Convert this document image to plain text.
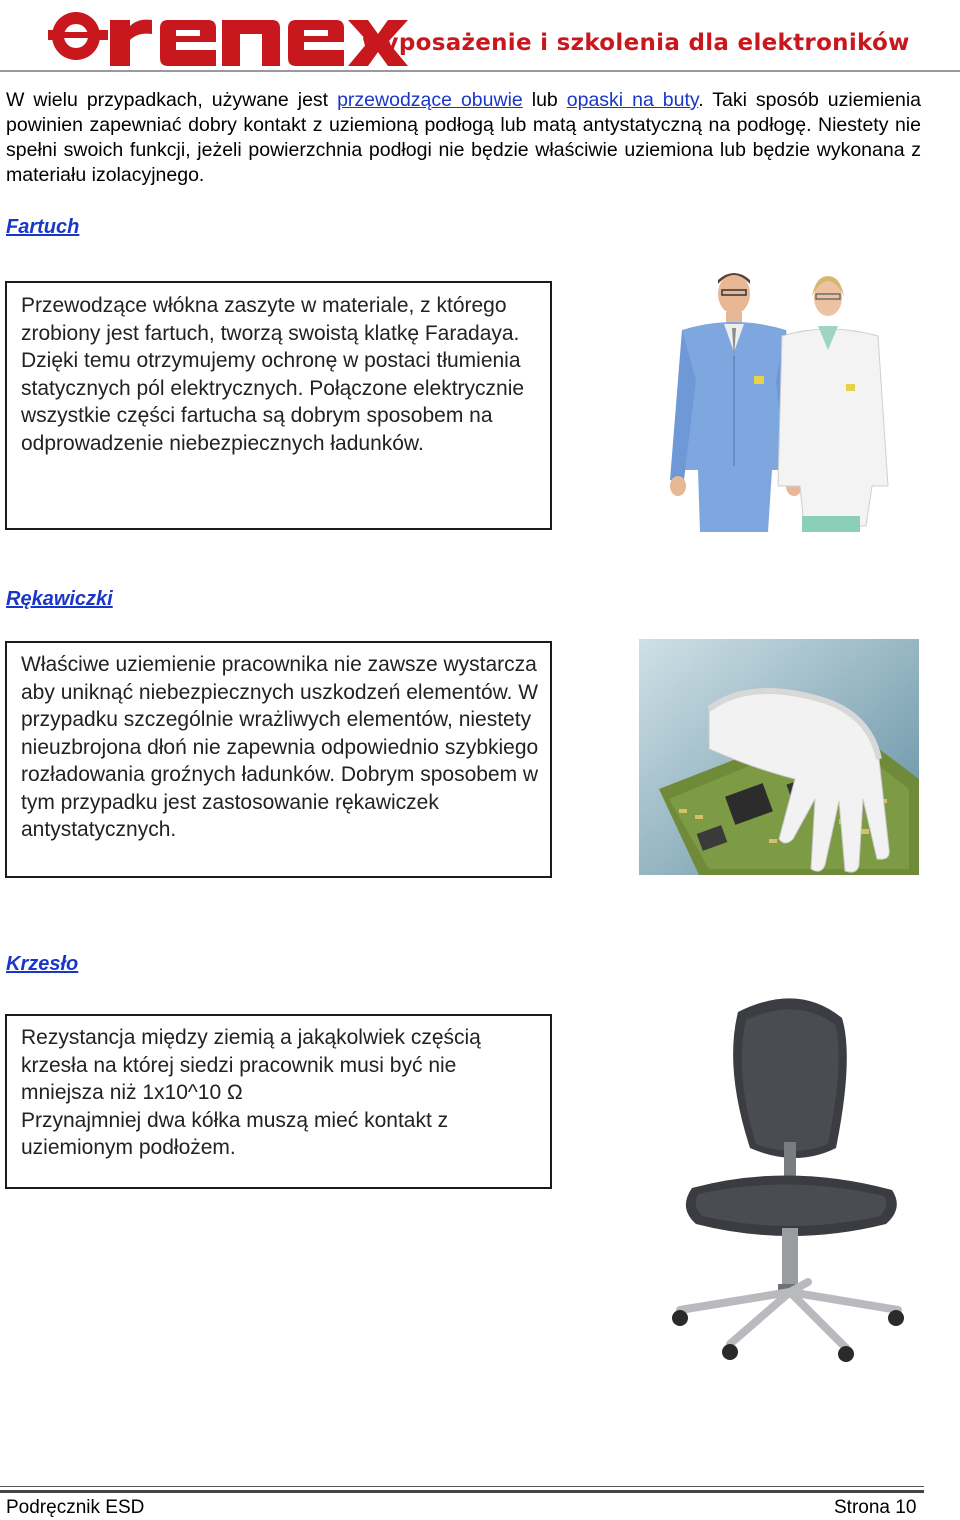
wyposażenie i szkolenia dla elektroników

W wielu przypadkach, używane jest przewodzące obuwie lub opaski na buty. Taki sposób uziemienia powinien zapewniać dobry kontakt z uziemioną podłogą lub matą antystatyczną na podłogę. Niestety nie spełni swoich funkcji, jeżeli powierzchnia podłogi nie będzie właściwie uziemiona lub będzie wykonana z materiału izolacyjnego.

Fartuch

Przewodzące włókna zaszyte w materiale, z którego zrobiony jest fartuch, tworzą swoistą klatkę Faradaya. Dzięki temu otrzymujemy ochronę w postaci tłumienia statycznych pól elektrycznych. Połączone elektrycznie wszystkie części fartucha są dobrym sposobem na odprowadzenie niebezpiecznych ładunków.

Rękawiczki

Właściwe uziemienie pracownika nie zawsze wystarcza aby uniknąć niebezpiecznych uszkodzeń elementów. W przypadku szczególnie wrażliwych elementów, niestety nieuzbrojona dłoń nie zapewnia odpowiednio szybkiego rozładowania groźnych ładunków. Dobrym sposobem w tym przypadku jest zastosowanie rękawiczek antystatycznych.

Krzesło

Rezystancja między ziemią a jakąkolwiek częścią krzesła na której siedzi pracownik musi być nie mniejsza niż 1x10^10 Ω

Przynajmniej dwa kółka muszą mieć kontakt z uziemionym podłożem.

Podręcznik ESD	Strona 10
